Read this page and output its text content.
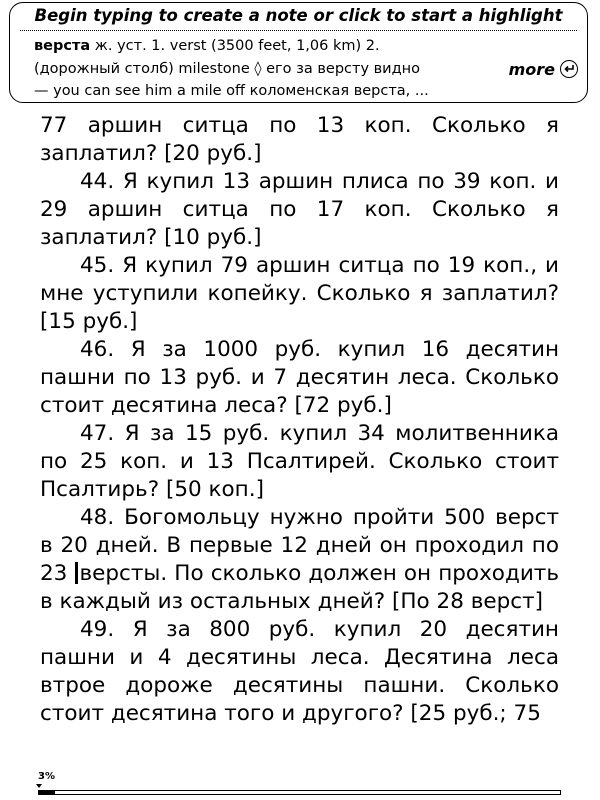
77 аршин ситца по 13 коп. Сколько я заплатил? [20 руб.]

44. Я купил 13 аршин плиса по 39 коп. и 29 аршин ситца по 17 коп. Сколько я заплатил? [10 руб.]

45. Я купил 79 аршин ситца по 19 коп., и мне уступили копейку. Сколько я заплатил? [15 руб.]

46. Я за 1000 руб. купил 16 десятин пашни по 13 руб. и 7 десятин леса. Сколько стоит десятина леса? [72 руб.]

47. Я за 15 руб. купил 34 молитвенника по 25 коп. и 13 Псалтирей. Сколько стоит Псалтирь? [50 коп.]

48. Богомольцу нужно пройти 500 верст в 20 дней. В первые 12 дней он проходил по 23 версты. По сколько должен он проходить в каждый из остальных дней? [По 28 верст]

49. Я за 800 руб. купил 20 десятин пашни и 4 десятины леса. Десятина леса втрое дороже десятины пашни. Сколько стоит десятина того и другого? [25 руб.; 75

Begin typing to create a note or click to start a highlight
верста ж. уст. 1. verst (3500 feet, 1,06 km) 2.
(дорожный столб) milestone ◊ его за версту видно
— you can see him a mile off коломенская верста, ...
more
3%
